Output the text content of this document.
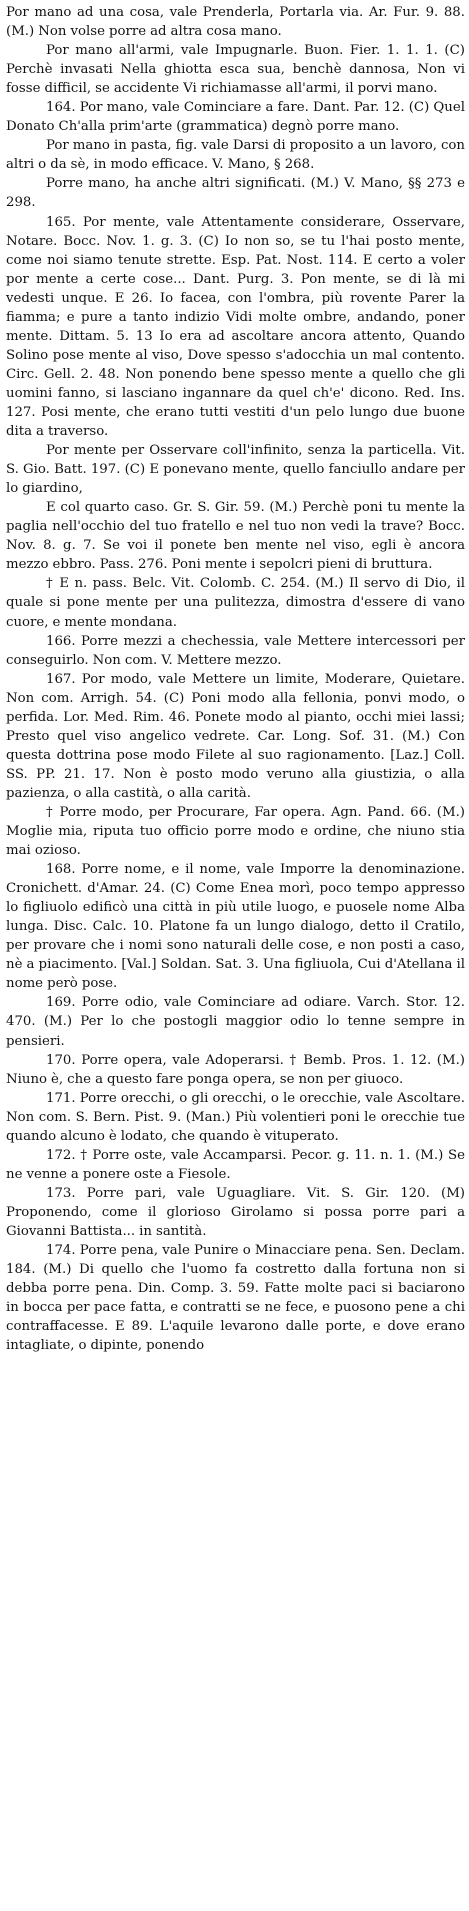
Por mano ad una cosa, vale Prenderla, Portarla via. Ar. Fur. 9. 88. (M.) Non volse porre ad altra cosa mano.

Por mano all'armi, vale Impugnarle. Buon. Fier. 1. 1. 1. (C) Perchè invasati Nella ghiotta esca sua, benchè dannosa, Non vi fosse difficil, se accidente Vi richiamasse all'armi, il porvi mano.

164. Por mano, vale Cominciare a fare. Dant. Par. 12. (C) Quel Donato Ch'alla prim'arte (grammatica) degnò porre mano.

Por mano in pasta, fig. vale Darsi di proposito a un lavoro, con altri o da sè, in modo efficace. V. Mano, § 268.

Porre mano, ha anche altri significati. (M.) V. Mano, §§ 273 e 298.

165. Por mente, vale Attentamente considerare, Osservare, Notare. Bocc. Nov. 1. g. 3. (C) Io non so, se tu l'hai posto mente, come noi siamo tenute strette. Esp. Pat. Nost. 114. E certo a voler por mente a certe cose... Dant. Purg. 3. Pon mente, se di là mi vedesti unque. E 26. Io facea, con l'ombra, più rovente Parer la fiamma; e pure a tanto indizio Vidi molte ombre, andando, poner mente. Dittam. 5. 13 Io era ad ascoltare ancora attento, Quando Solino pose mente al viso, Dove spesso s'adocchia un mal contento. Circ. Gell. 2. 48. Non ponendo bene spesso mente a quello che gli uomini fanno, si lasciano ingannare da quel ch'e' dicono. Red. Ins. 127. Posi mente, che erano tutti vestiti d'un pelo lungo due buone dita a traverso.

Por mente per Osservare coll'infinito, senza la particella. Vit. S. Gio. Batt. 197. (C) E ponevano mente, quello fanciullo andare per lo giardino,

E col quarto caso. Gr. S. Gir. 59. (M.) Perchè poni tu mente la paglia nell'occhio del tuo fratello e nel tuo non vedi la trave? Bocc. Nov. 8. g. 7. Se voi il ponete ben mente nel viso, egli è ancora mezzo ebbro. Pass. 276. Poni mente i sepolcri pieni di bruttura.

† E n. pass. Belc. Vit. Colomb. C. 254. (M.) Il servo di Dio, il quale si pone mente per una pulitezza, dimostra d'essere di vano cuore, e mente mondana.

166. Porre mezzi a chechessia, vale Mettere intercessori per conseguirlo. Non com. V. Mettere mezzo.

167. Por modo, vale Mettere un limite, Moderare, Quietare. Non com. Arrigh. 54. (C) Poni modo alla fellonia, ponvi modo, o perfida. Lor. Med. Rim. 46. Ponete modo al pianto, occhi miei lassi; Presto quel viso angelico vedrete. Car. Long. Sof. 31. (M.) Con questa dottrina pose modo Filete al suo ragionamento. [Laz.] Coll. SS. PP. 21. 17. Non è posto modo veruno alla giustizia, o alla pazienza, o alla castità, o alla carità.

† Porre modo, per Procurare, Far opera. Agn. Pand. 66. (M.) Moglie mia, riputa tuo officio porre modo e ordine, che niuno stia mai ozioso.

168. Porre nome, e il nome, vale Imporre la denominazione. Cronichett. d'Amar. 24. (C) Come Enea morì, poco tempo appresso lo figliuolo edificò una città in più utile luogo, e puosele nome Alba lunga. Disc. Calc. 10. Platone fa un lungo dialogo, detto il Cratilo, per provare che i nomi sono naturali delle cose, e non posti a caso, nè a piacimento. [Val.] Soldan. Sat. 3. Una figliuola, Cui d'Atellana il nome però pose.

169. Porre odio, vale Cominciare ad odiare. Varch. Stor. 12. 470. (M.) Per lo che postogli maggior odio lo tenne sempre in pensieri.

170. Porre opera, vale Adoperarsi. † Bemb. Pros. 1. 12. (M.) Niuno è, che a questo fare ponga opera, se non per giuoco.

171. Porre orecchi, o gli orecchi, o le orecchie, vale Ascoltare. Non com. S. Bern. Pist. 9. (Man.) Più volentieri poni le orecchie tue quando alcuno è lodato, che quando è vituperato.

172. † Porre oste, vale Accamparsi. Pecor. g. 11. n. 1. (M.) Se ne venne a ponere oste a Fiesole.

173. Porre pari, vale Uguagliare. Vit. S. Gir. 120. (M) Proponendo, come il glorioso Girolamo si possa porre pari a Giovanni Battista... in santità.

174. Porre pena, vale Punire o Minacciare pena. Sen. Declam. 184. (M.) Di quello che l'uomo fa costretto dalla fortuna non si debba porre pena. Din. Comp. 3. 59. Fatte molte paci si baciarono in bocca per pace fatta, e contratti se ne fece, e puosono pene a chi contraffacesse. E 89. L'aquile levarono dalle porte, e dove erano intagliate, o dipinte, ponendo
